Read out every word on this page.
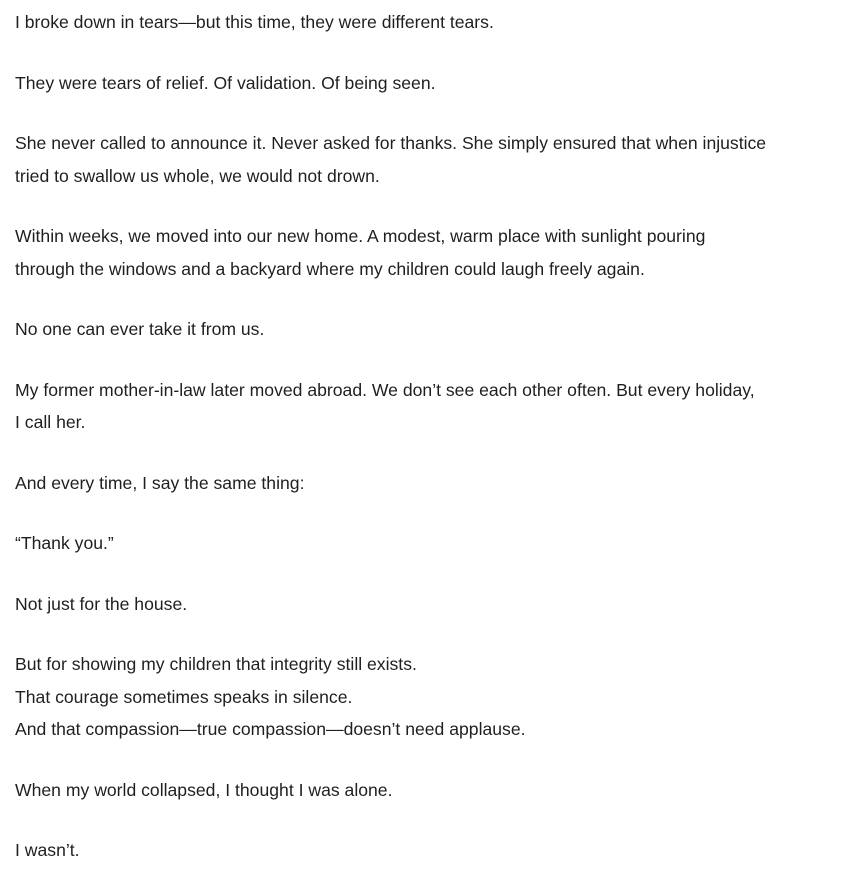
I broke down in tears—but this time, they were different tears.

They were tears of relief. Of validation. Of being seen.

She never called to announce it. Never asked for thanks. She simply ensured that when injustice
tried to swallow us whole, we would not drown.

Within weeks, we moved into our new home. A modest, warm place with sunlight pouring
through the windows and a backyard where my children could laugh freely again.

No one can ever take it from us.

My former mother-in-law later moved abroad. We don’t see each other often. But every holiday,
I call her.

And every time, I say the same thing:

“Thank you.”

Not just for the house.

But for showing my children that integrity still exists.
That courage sometimes speaks in silence.
And that compassion—true compassion—doesn’t need applause.

When my world collapsed, I thought I was alone.

I wasn’t.
